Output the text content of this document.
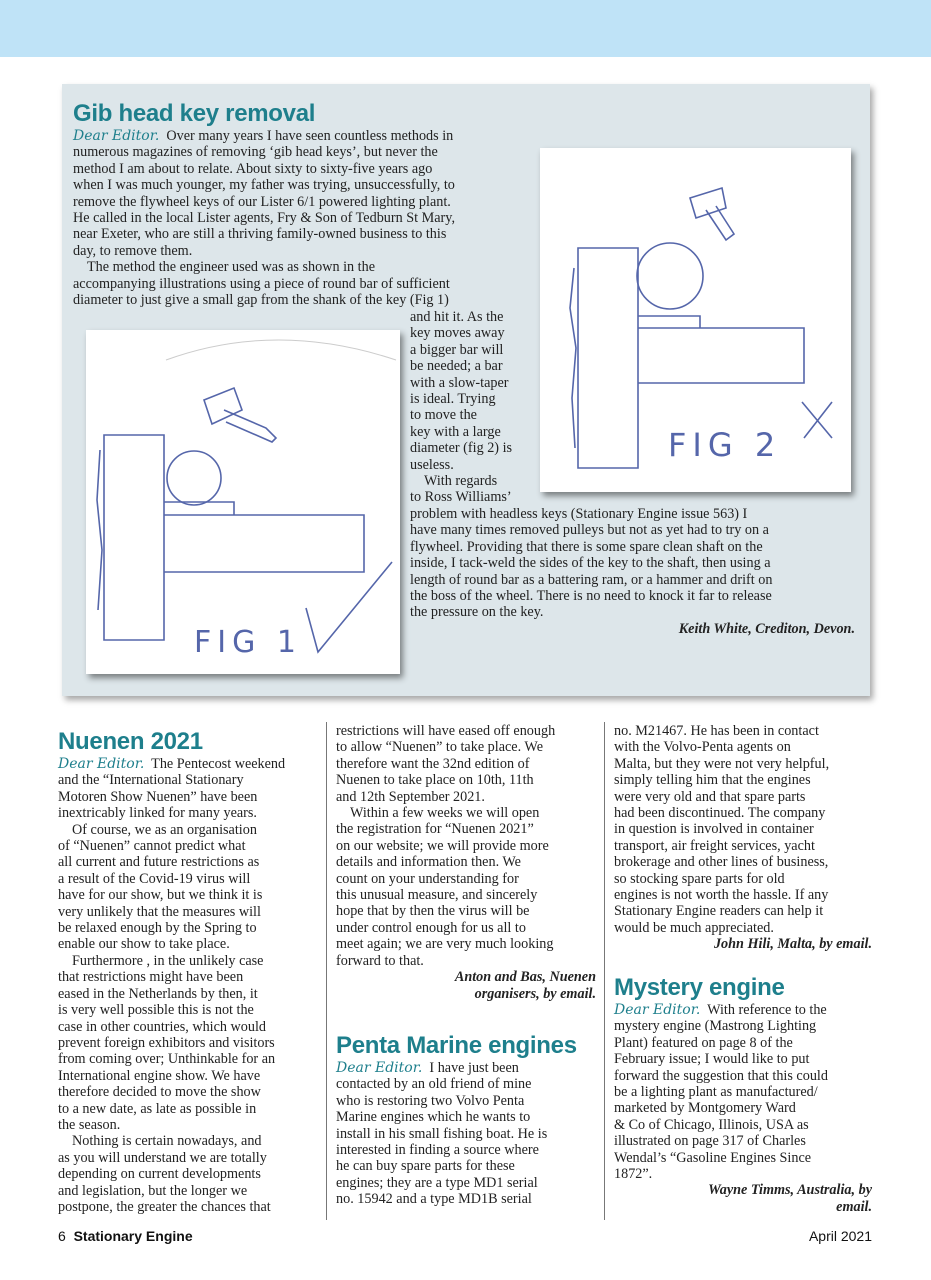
Gib head key removal

Dear Editor. Over many years I have seen countless methods in

numerous magazines of removing ‘gib head keys’, but never the

method I am about to relate. About sixty to sixty-five years ago

when I was much younger, my father was trying, unsuccessfully, to

remove the flywheel keys of our Lister 6/1 powered lighting plant.

He called in the local Lister agents, Fry & Son of Tedburn St Mary,

near Exeter, who are still a thriving family-owned business to this

day, to remove them.

The method the engineer used was as shown in the

accompanying illustrations using a piece of round bar of sufficient

diameter to just give a small gap from the shank of the key (Fig 1)

and hit it. As the

key moves away

a bigger bar will

be needed; a bar

with a slow-taper

is ideal. Trying

to move the

key with a large

diameter (fig 2) is

useless.

With regards

to Ross Williams’

problem with headless keys (Stationary Engine issue 563) I

have many times removed pulleys but not as yet had to try on a

flywheel. Providing that there is some spare clean shaft on the

inside, I tack-weld the sides of the key to the shaft, then using a

length of round bar as a battering ram, or a hammer and drift on

the boss of the wheel. There is no need to knock it far to release

the pressure on the key.

Keith White, Crediton, Devon.

FIG 2
FIG 1
Nuenen 2021

Dear Editor. The Pentecost weekend

and the “International Stationary

Motoren Show Nuenen” have been

inextricably linked for many years.

Of course, we as an organisation

of “Nuenen” cannot predict what

all current and future restrictions as

a result of the Covid-19 virus will

have for our show, but we think it is

very unlikely that the measures will

be relaxed enough by the Spring to

enable our show to take place.

Furthermore , in the unlikely case

that restrictions might have been

eased in the Netherlands by then, it

is very well possible this is not the

case in other countries, which would

prevent foreign exhibitors and visitors

from coming over; Unthinkable for an

International engine show. We have

therefore decided to move the show

to a new date, as late as possible in

the season.

Nothing is certain nowadays, and

as you will understand we are totally

depending on current developments

and legislation, but the longer we

postpone, the greater the chances that

restrictions will have eased off enough

to allow “Nuenen” to take place. We

therefore want the 32nd edition of

Nuenen to take place on 10th, 11th

and 12th September 2021.

Within a few weeks we will open

the registration for “Nuenen 2021”

on our website; we will provide more

details and information then. We

count on your understanding for

this unusual measure, and sincerely

hope that by then the virus will be

under control enough for us all to

meet again; we are very much looking

forward to that.

Anton and Bas, Nuenen

organisers, by email.

Penta Marine engines

Dear Editor. I have just been

contacted by an old friend of mine

who is restoring two Volvo Penta

Marine engines which he wants to

install in his small fishing boat. He is

interested in finding a source where

he can buy spare parts for these

engines; they are a type MD1 serial

no. 15942 and a type MD1B serial

no. M21467. He has been in contact

with the Volvo-Penta agents on

Malta, but they were not very helpful,

simply telling him that the engines

were very old and that spare parts

had been discontinued. The company

in question is involved in container

transport, air freight services, yacht

brokerage and other lines of business,

so stocking spare parts for old

engines is not worth the hassle. If any

Stationary Engine readers can help it

would be much appreciated.

John Hili, Malta, by email.

Mystery engine

Dear Editor. With reference to the

mystery engine (Mastrong Lighting

Plant) featured on page 8 of the

February issue; I would like to put

forward the suggestion that this could

be a lighting plant as manufactured/

marketed by Montgomery Ward

& Co of Chicago, Illinois, USA as

illustrated on page 317 of Charles

Wendal’s “Gasoline Engines Since

1872”.

Wayne Timms, Australia, by

email.

6 Stationary Engine	April 2021
